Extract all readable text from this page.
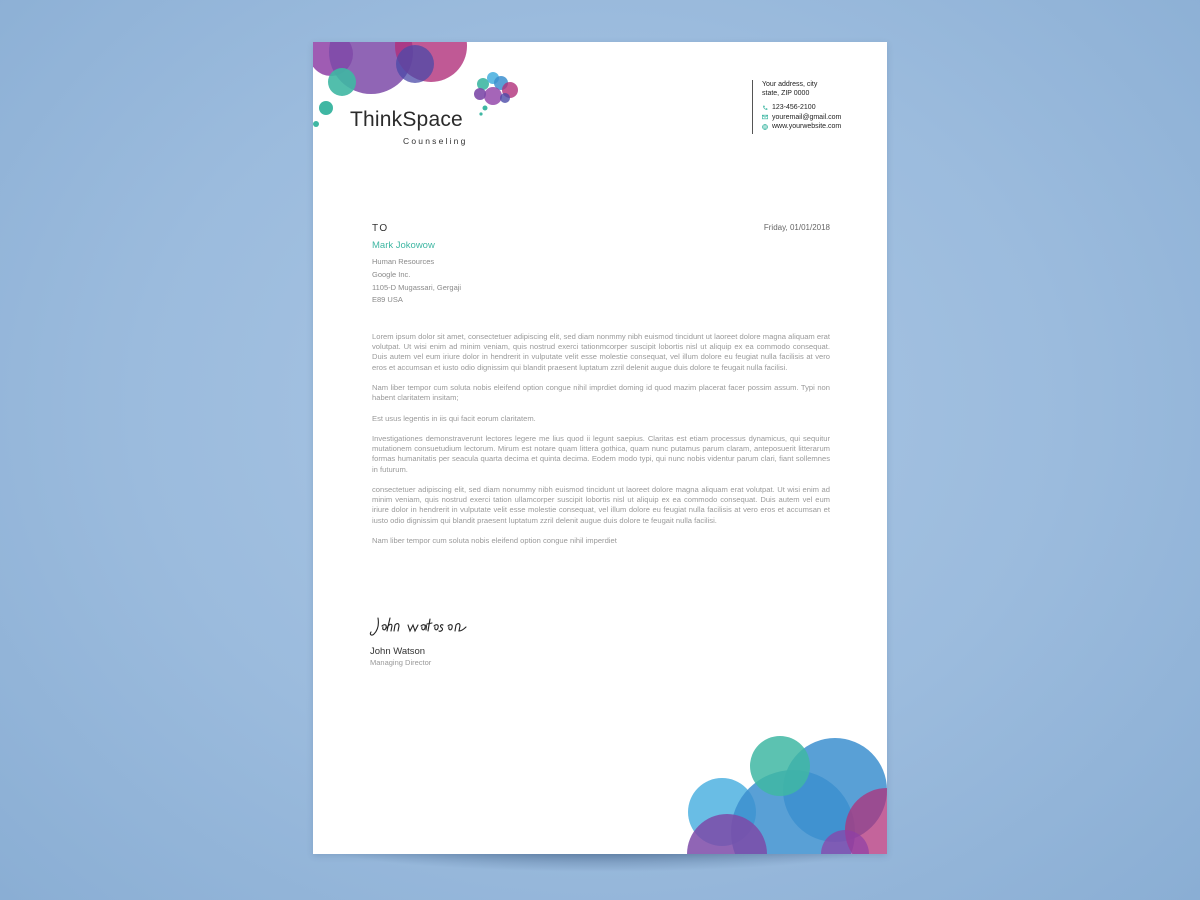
ThinkSpace
Counseling
Your address, city
state, ZIP 0000
123-456-2100
youremail@gmail.com
www.yourwebsite.com
TO	Friday, 01/01/2018
Mark Jokowow
Human Resources
Google Inc.
1105-D Mugassari, Gergaji
E89 USA

Lorem ipsum dolor sit amet, consectetuer adipiscing elit, sed diam nonmmy nibh euismod tincidunt ut laoreet dolore magna aliquam erat volutpat. Ut wisi enim ad minim veniam, quis nostrud exerci tationmcorper suscipit lobortis nisl ut aliquip ex ea commodo consequat. Duis autem vel eum iriure dolor in hendrerit in vulputate velit esse molestie consequat, vel illum dolore eu feugiat nulla facilisis at vero eros et accumsan et iusto odio dignissim qui blandit praesent luptatum zzril delenit augue duis dolore te feugait nulla facilisi.

Nam liber tempor cum soluta nobis eleifend option congue nihil imprdiet doming id quod mazim placerat facer possim assum. Typi non habent claritatem insitam;

Est usus legentis in iis qui facit eorum claritatem.

Investigationes demonstraverunt lectores legere me lius quod ii legunt saepius. Claritas est etiam processus dynamicus, qui sequitur mutationem consuetudium lectorum. Mirum est notare quam littera gothica, quam nunc putamus parum claram, anteposuerit litterarum formas humanitatis per seacula quarta decima et quinta decima. Eodem modo typi, qui nunc nobis videntur parum clari, fiant sollemnes in futurum.

consectetuer adipiscing elit, sed diam nonummy nibh euismod tincidunt ut laoreet dolore magna aliquam erat volutpat. Ut wisi enim ad minim veniam, quis nostrud exerci tation ullamcorper suscipit lobortis nisl ut aliquip ex ea commodo consequat. Duis autem vel eum iriure dolor in hendrerit in vulputate velit esse molestie consequat, vel illum dolore eu feugiat nulla facilisis at vero eros et accumsan et iusto odio dignissim qui blandit praesent luptatum zzril delenit augue duis dolore te feugait nulla facilisi.

Nam liber tempor cum soluta nobis eleifend option congue nihil imperdiet

John Watson
Managing Director
